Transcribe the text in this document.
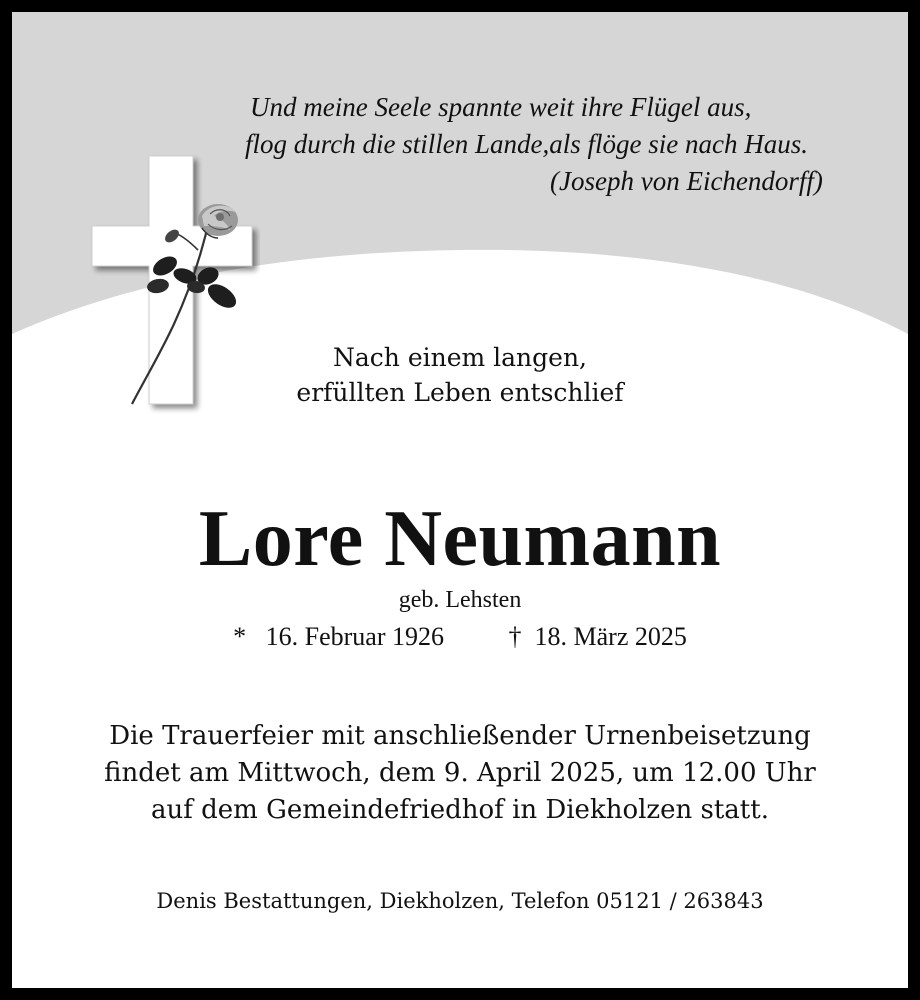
Und meine Seele spannte weit ihre Flügel aus,
flog durch die stillen Lande,als flöge sie nach Haus.
(Joseph von Eichendorff)
Nach einem langen,
erfüllten Leben entschlief
Lore Neumann
geb. Lehsten
* 16. Februar 1926 † 18. März 2025
Die Trauerfeier mit anschließender Urnenbeisetzung
findet am Mittwoch, dem 9. April 2025, um 12.00 Uhr
auf dem Gemeindefriedhof in Diekholzen statt.
Denis Bestattungen, Diekholzen, Telefon 05121 / 263843
